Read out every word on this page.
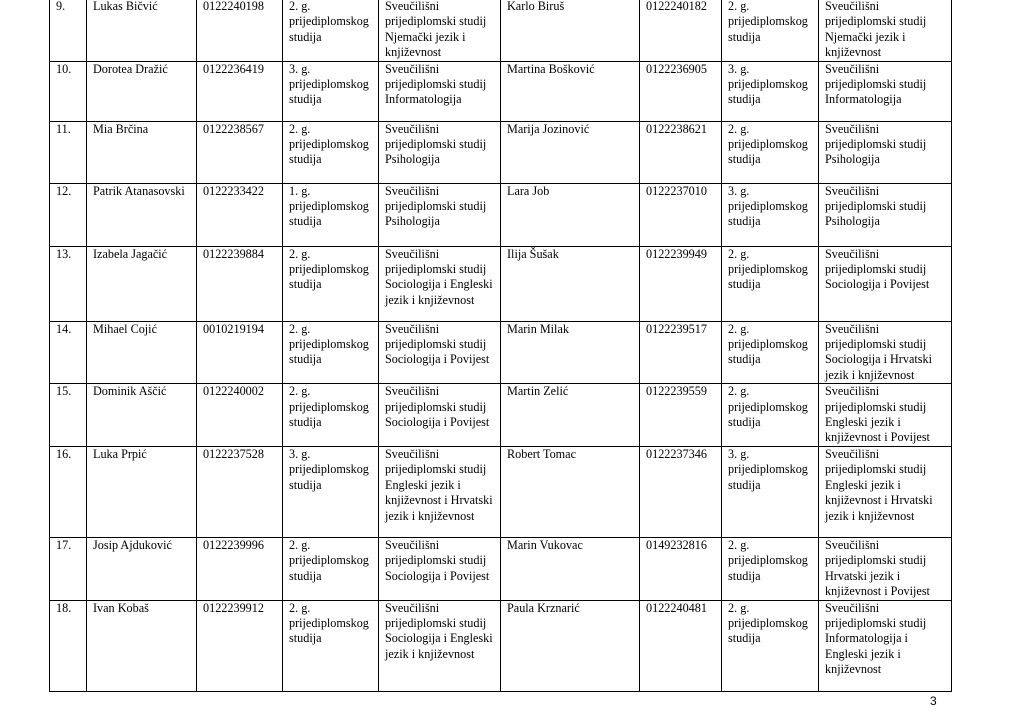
9.	Lukas Bičvić	0122240198	2. g. prijediplomskog studija	Sveučilišni prijediplomski studij Njemački jezik i književnost	Karlo Biruš	0122240182	2. g. prijediplomskog studija	Sveučilišni prijediplomski studij Njemački jezik i književnost
10.	Dorotea Dražić	0122236419	3. g. prijediplomskog studija	Sveučilišni prijediplomski studij Informatologija	Martina Bošković	0122236905	3. g. prijediplomskog studija	Sveučilišni prijediplomski studij Informatologija
11.	Mia Brčina	0122238567	2. g. prijediplomskog studija	Sveučilišni prijediplomski studij Psihologija	Marija Jozinović	0122238621	2. g. prijediplomskog studija	Sveučilišni prijediplomski studij Psihologija
12.	Patrik Atanasovski	0122233422	1. g. prijediplomskog studija	Sveučilišni prijediplomski studij Psihologija	Lara Job	0122237010	3. g. prijediplomskog studija	Sveučilišni prijediplomski studij Psihologija
13.	Izabela Jagačić	0122239884	2. g. prijediplomskog studija	Sveučilišni prijediplomski studij Sociologija i Engleski jezik i književnost	Ilija Šušak	0122239949	2. g. prijediplomskog studija	Sveučilišni prijediplomski studij Sociologija i Povijest
14.	Mihael Cojić	0010219194	2. g. prijediplomskog studija	Sveučilišni prijediplomski studij Sociologija i Povijest	Marin Milak	0122239517	2. g. prijediplomskog studija	Sveučilišni prijediplomski studij Sociologija i Hrvatski jezik i književnost
15.	Dominik Aščić	0122240002	2. g. prijediplomskog studija	Sveučilišni prijediplomski studij Sociologija i Povijest	Martin Zelić	0122239559	2. g. prijediplomskog studija	Sveučilišni prijediplomski studij Engleski jezik i književnost i Povijest
16.	Luka Prpić	0122237528	3. g. prijediplomskog studija	Sveučilišni prijediplomski studij Engleski jezik i književnost i Hrvatski jezik i književnost	Robert Tomac	0122237346	3. g. prijediplomskog studija	Sveučilišni prijediplomski studij Engleski jezik i književnost i Hrvatski jezik i književnost
17.	Josip Ajduković	0122239996	2. g. prijediplomskog studija	Sveučilišni prijediplomski studij Sociologija i Povijest	Marin Vukovac	0149232816	2. g. prijediplomskog studija	Sveučilišni prijediplomski studij Hrvatski jezik i književnost i Povijest
18.	Ivan Kobaš	0122239912	2. g. prijediplomskog studija	Sveučilišni prijediplomski studij Sociologija i Engleski jezik i književnost	Paula Krznarić	0122240481	2. g. prijediplomskog studija	Sveučilišni prijediplomski studij Informatologija i Engleski jezik i književnost
3
